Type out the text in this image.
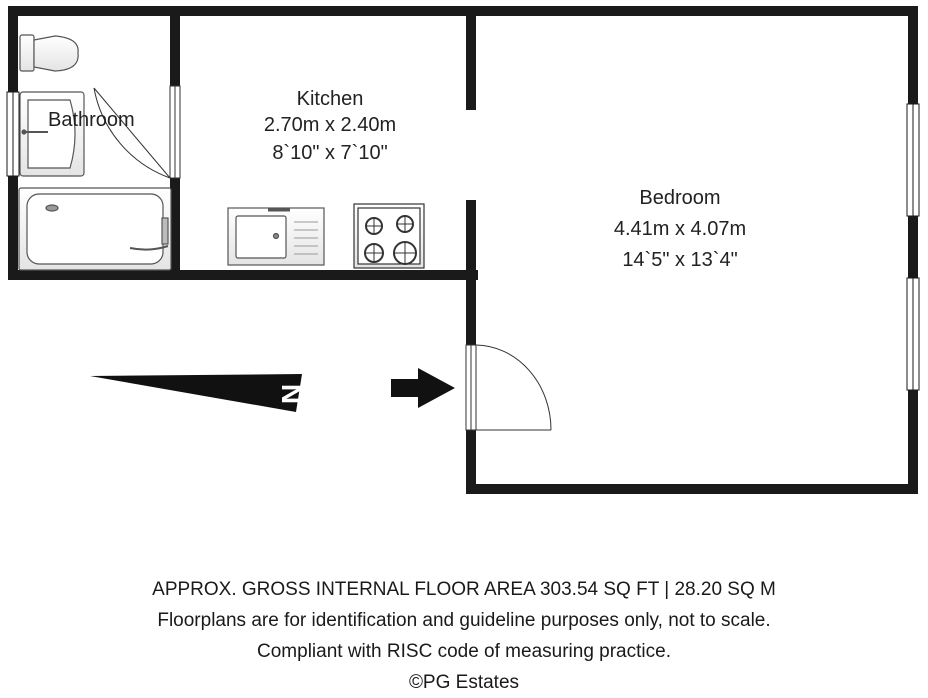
N
Bathroom
Kitchen
2.70m x 2.40m
8`10" x 7`10"
Bedroom
4.41m x 4.07m
14`5" x 13`4"
APPROX. GROSS INTERNAL FLOOR AREA 303.54 SQ FT | 28.20 SQ M
Floorplans are for identification and guideline purposes only, not to scale.
Compliant with RISC code of measuring practice.
©PG Estates
